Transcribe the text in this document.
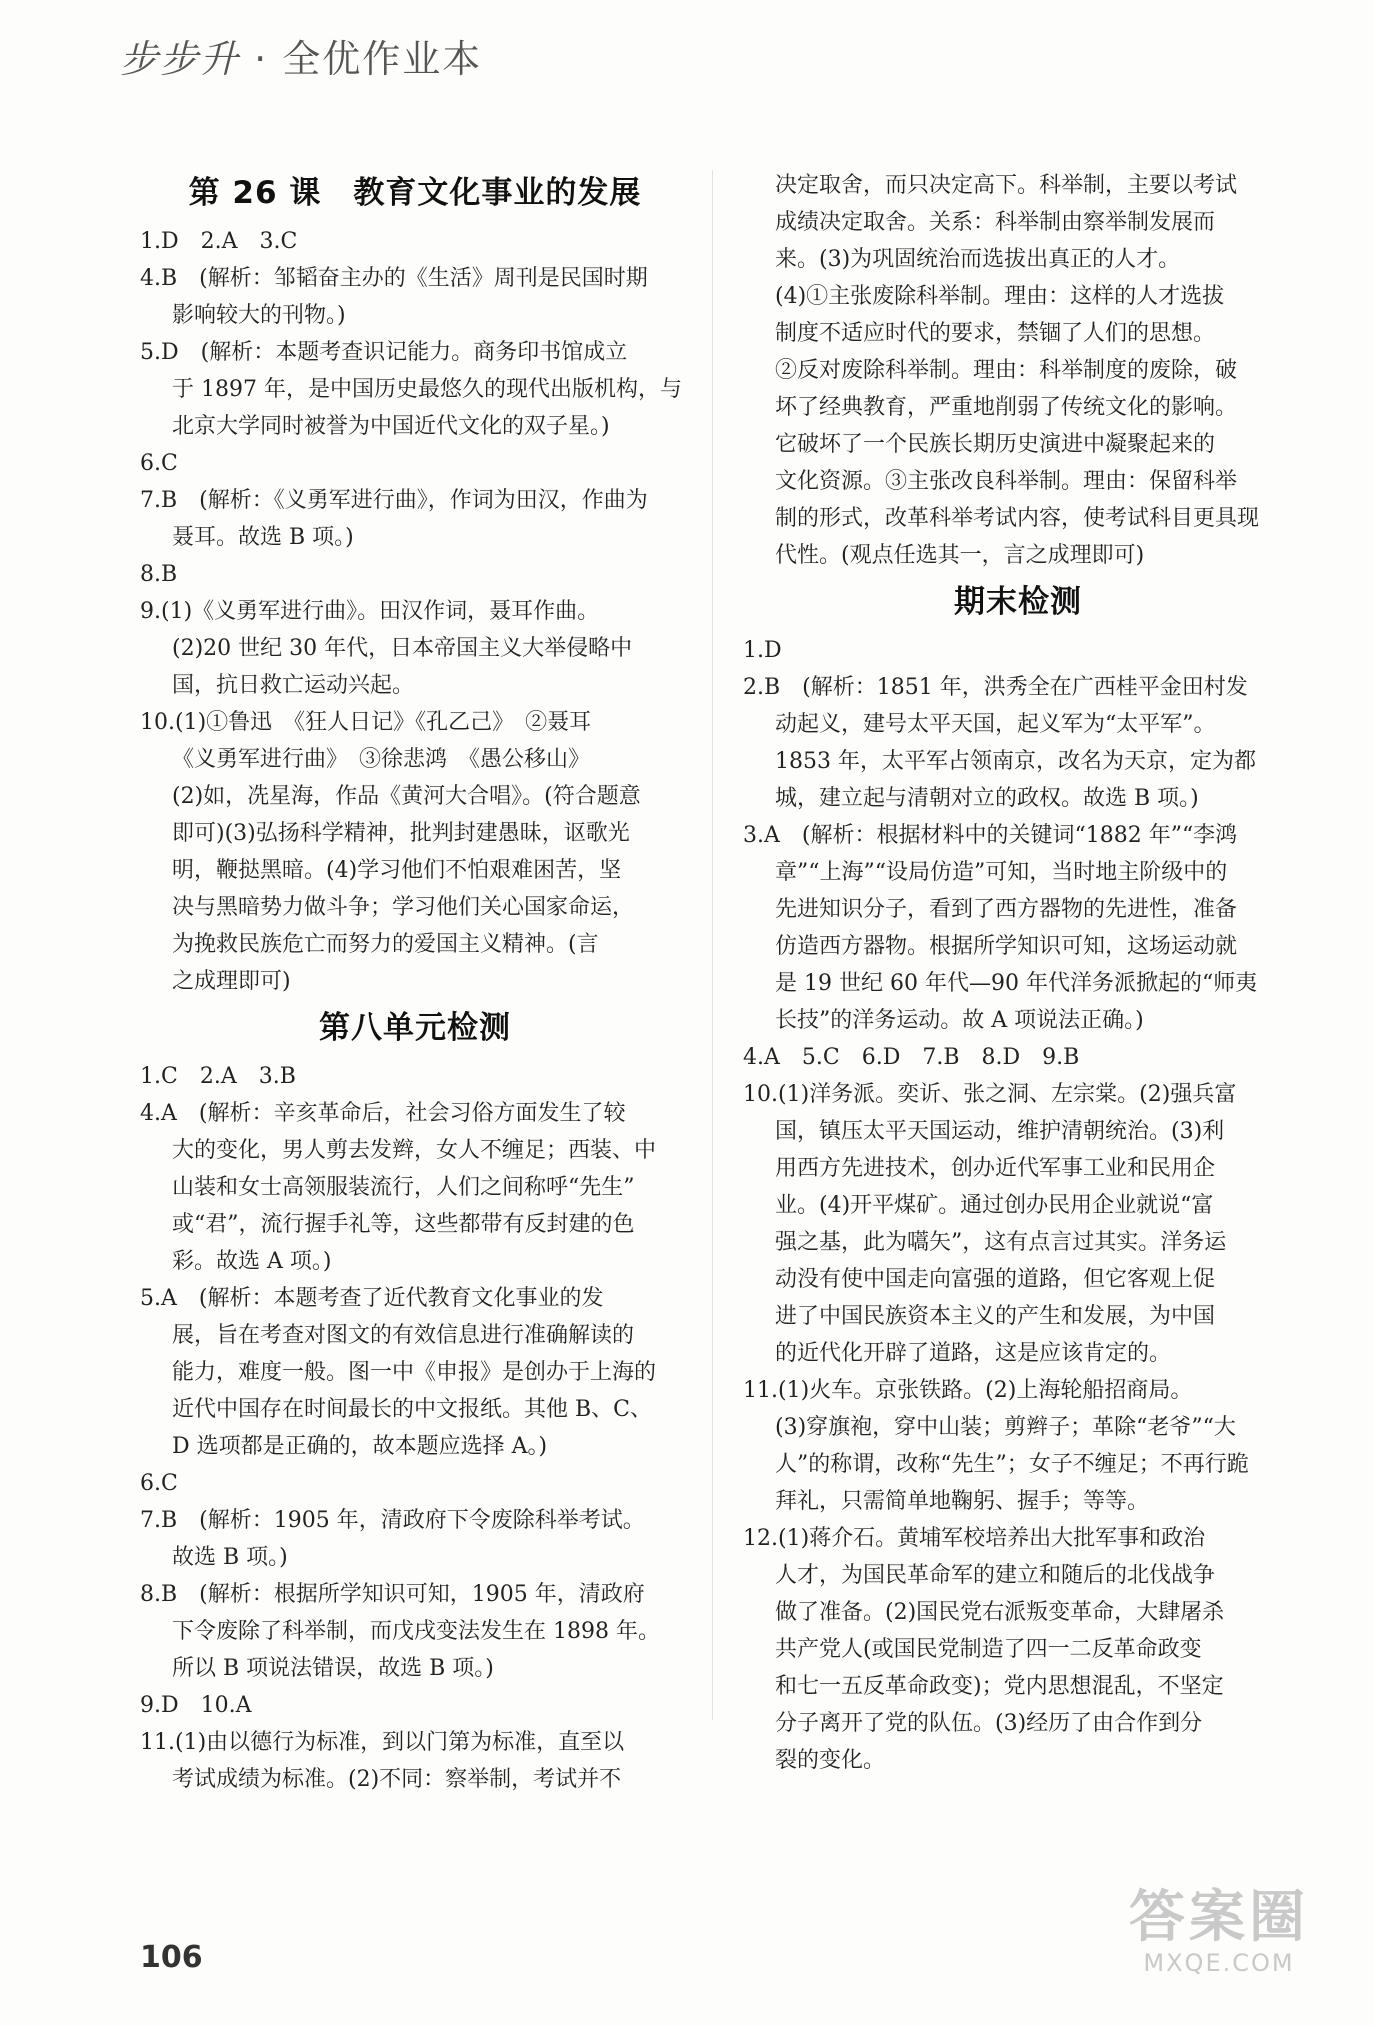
步步升 · 全优作业本
第 26 课　教育文化事业的发展

1.D　2.A　3.C

4.B　(解析：邹韬奋主办的《生活》周刊是民国时期

影响较大的刊物。)

5.D　(解析：本题考查识记能力。商务印书馆成立

于 1897 年，是中国历史最悠久的现代出版机构，与

北京大学同时被誉为中国近代文化的双子星。)

6.C

7.B　(解析：《义勇军进行曲》，作词为田汉，作曲为

聂耳。故选 B 项。)

8.B

9.(1)《义勇军进行曲》。田汉作词，聂耳作曲。

(2)20 世纪 30 年代，日本帝国主义大举侵略中

国，抗日救亡运动兴起。

10.(1)①鲁迅　《狂人日记》《孔乙己》　②聂耳

《义勇军进行曲》　③徐悲鸿　《愚公移山》

(2)如，冼星海，作品《黄河大合唱》。(符合题意

即可)(3)弘扬科学精神，批判封建愚昧，讴歌光

明，鞭挞黑暗。(4)学习他们不怕艰难困苦，坚

决与黑暗势力做斗争；学习他们关心国家命运，

为挽救民族危亡而努力的爱国主义精神。(言

之成理即可)

第八单元检测

1.C　2.A　3.B

4.A　(解析：辛亥革命后，社会习俗方面发生了较

大的变化，男人剪去发辫，女人不缠足；西装、中

山装和女士高领服装流行，人们之间称呼“先生”

或“君”，流行握手礼等，这些都带有反封建的色

彩。故选 A 项。)

5.A　(解析：本题考查了近代教育文化事业的发

展，旨在考查对图文的有效信息进行准确解读的

能力，难度一般。图一中《申报》是创办于上海的

近代中国存在时间最长的中文报纸。其他 B、C、

D 选项都是正确的，故本题应选择 A。)

6.C

7.B　(解析：1905 年，清政府下令废除科举考试。

故选 B 项。)

8.B　(解析：根据所学知识可知，1905 年，清政府

下令废除了科举制，而戊戌变法发生在 1898 年。

所以 B 项说法错误，故选 B 项。)

9.D　10.A

11.(1)由以德行为标准，到以门第为标准，直至以

考试成绩为标准。(2)不同：察举制，考试并不

决定取舍，而只决定高下。科举制，主要以考试

成绩决定取舍。关系：科举制由察举制发展而

来。(3)为巩固统治而选拔出真正的人才。

(4)①主张废除科举制。理由：这样的人才选拔

制度不适应时代的要求，禁锢了人们的思想。

②反对废除科举制。理由：科举制度的废除，破

坏了经典教育，严重地削弱了传统文化的影响。

它破坏了一个民族长期历史演进中凝聚起来的

文化资源。③主张改良科举制。理由：保留科举

制的形式，改革科举考试内容，使考试科目更具现

代性。(观点任选其一，言之成理即可)

期末检测

1.D

2.B　(解析：1851 年，洪秀全在广西桂平金田村发

动起义，建号太平天国，起义军为“太平军”。

1853 年，太平军占领南京，改名为天京，定为都

城，建立起与清朝对立的政权。故选 B 项。)

3.A　(解析：根据材料中的关键词“1882 年”“李鸿

章”“上海”“设局仿造”可知，当时地主阶级中的

先进知识分子，看到了西方器物的先进性，准备

仿造西方器物。根据所学知识可知，这场运动就

是 19 世纪 60 年代—90 年代洋务派掀起的“师夷

长技”的洋务运动。故 A 项说法正确。)

4.A　5.C　6.D　7.B　8.D　9.B

10.(1)洋务派。奕䜣、张之洞、左宗棠。(2)强兵富

国，镇压太平天国运动，维护清朝统治。(3)利

用西方先进技术，创办近代军事工业和民用企

业。(4)开平煤矿。通过创办民用企业就说“富

强之基，此为嚆矢”，这有点言过其实。洋务运

动没有使中国走向富强的道路，但它客观上促

进了中国民族资本主义的产生和发展，为中国

的近代化开辟了道路，这是应该肯定的。

11.(1)火车。京张铁路。(2)上海轮船招商局。

(3)穿旗袍，穿中山装；剪辫子；革除“老爷”“大

人”的称谓，改称“先生”；女子不缠足；不再行跪

拜礼，只需简单地鞠躬、握手；等等。

12.(1)蒋介石。黄埔军校培养出大批军事和政治

人才，为国民革命军的建立和随后的北伐战争

做了准备。(2)国民党右派叛变革命，大肆屠杀

共产党人(或国民党制造了四一二反革命政变

和七一五反革命政变)；党内思想混乱，不坚定

分子离开了党的队伍。(3)经历了由合作到分

裂的变化。

106
答案圈
MXQE.COM
